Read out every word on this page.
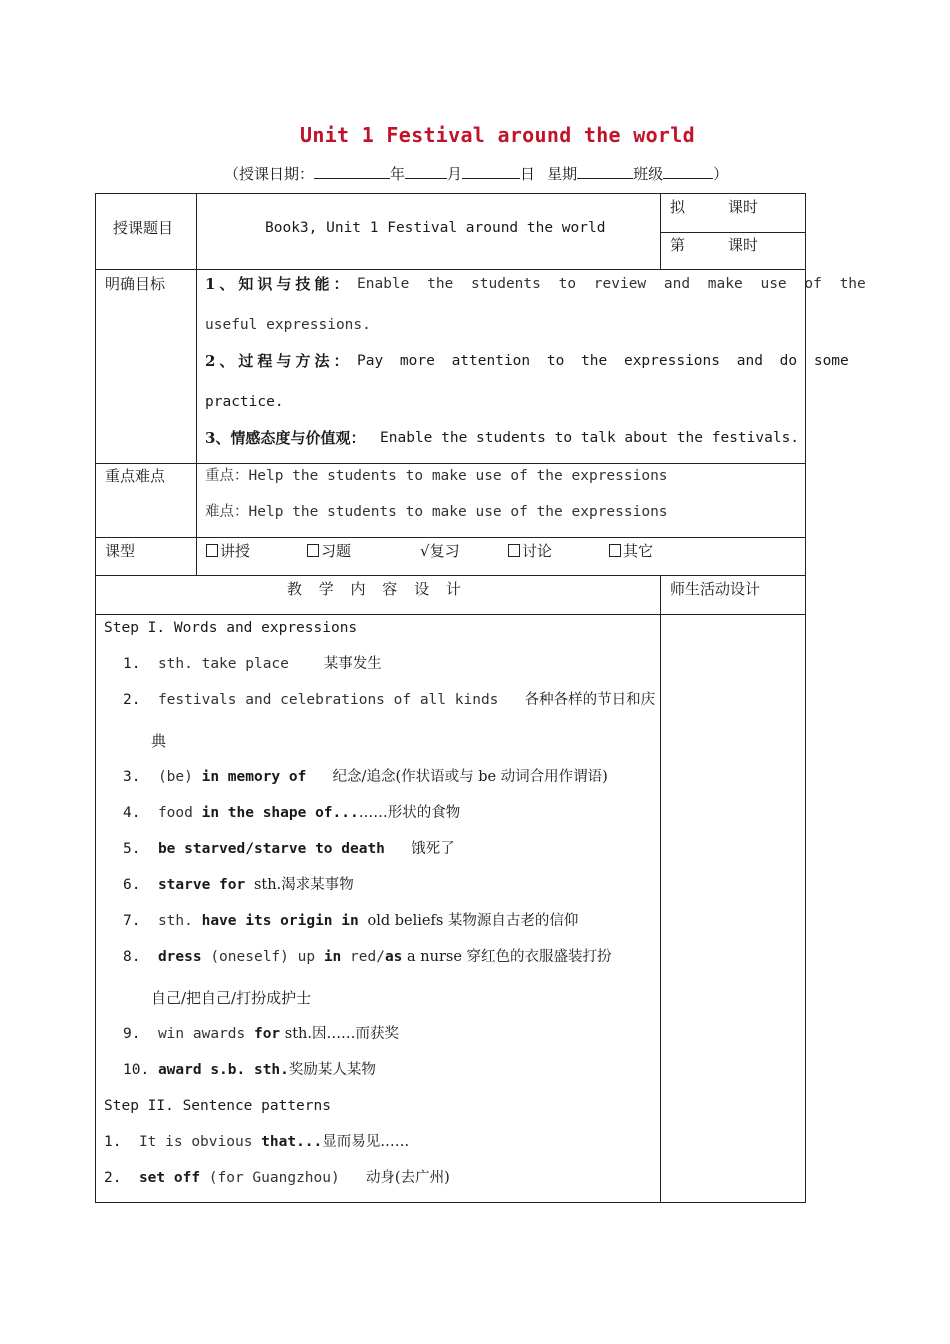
Unit 1 Festival around the world
（授课日期：	年	月	日 星期	班级	）
授课题目	Book3, Unit 1 Festival around the world
拟	课时
第	课时
明确目标	1、知识与技能： Enable the students to review and make use of the
useful expressions.
2、过程与方法： Pay more attention to the expressions and do some
practice.
3、情感态度与价值观： Enable the students to talk about the festivals.
重点难点	重点：Help the students to make use of the expressions
难点：Help the students to make use of the expressions
课型	讲授	习题	√复习	讨论	其它
教 学 内 容 设 计	师生活动设计
Step I. Words and expressions
1. sth. take place 某事发生
2. festivals and celebrations of all kinds 各种各样的节日和庆
典
3. (be) in memory of 纪念/追念(作状语或与 be 动词合用作谓语)
4. food in the shape of...……形状的食物
5. be starved/starve to death 饿死了
6. starve for sth.渴求某事物
7. sth. have its origin in old beliefs 某物源自古老的信仰
8. dress (oneself) up in red/as a nurse 穿红色的衣服盛装打扮
自己/把自己/打扮成护士
9. win awards for sth.因……而获奖
10. award s.b. sth.奖励某人某物
Step II. Sentence patterns
1. It is obvious that...显而易见……
2. set off (for Guangzhou) 动身(去广州)
